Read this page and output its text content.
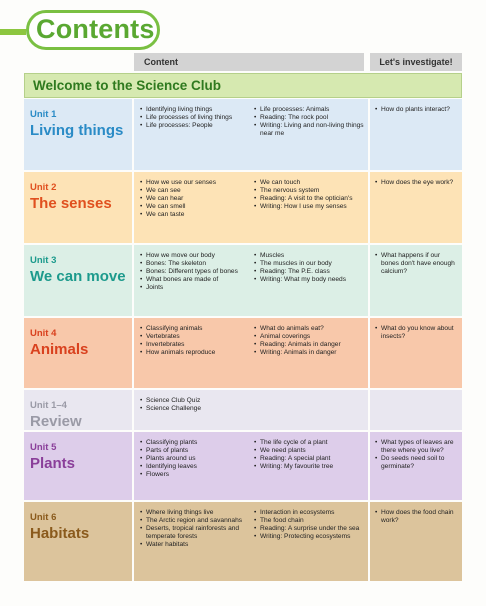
Contents
Content	Let's investigate!
Welcome to the Science Club
Unit 1
Living things
• Identifying living things
• Life processes of living things
• Life processes: People
• Life processes: Animals
• Reading: The rock pool
• Writing: Living and non-living things near me
• How do plants interact?
Unit 2
The senses
• How we use our senses
• We can see
• We can hear
• We can smell
• We can taste
• We can touch
• The nervous system
• Reading: A visit to the optician's
• Writing: How I use my senses
• How does the eye work?
Unit 3
We can move
• How we move our body
• Bones: The skeleton
• Bones: Different types of bones
• What bones are made of
• Joints
• Muscles
• The muscles in our body
• Reading: The P.E. class
• Writing: What my body needs
• What happens if our bones don't have enough calcium?
Unit 4
Animals
• Classifying animals
• Vertebrates
• Invertebrates
• How animals reproduce
• What do animals eat?
• Animal coverings
• Reading: Animals in danger
• Writing: Animals in danger
• What do you know about insects?
Unit 1–4
Review
• Science Club Quiz
• Science Challenge
Unit 5
Plants
• Classifying plants
• Parts of plants
• Plants around us
• Identifying leaves
• Flowers
• The life cycle of a plant
• We need plants
• Reading: A special plant
• Writing: My favourite tree
• What types of leaves are there where you live?
• Do seeds need soil to germinate?
Unit 6
Habitats
• Where living things live
• The Arctic region and savannahs
• Deserts, tropical rainforests and temperate forests
• Water habitats
• Interaction in ecosystems
• The food chain
• Reading: A surprise under the sea
• Writing: Protecting ecosystems
• How does the food chain work?
